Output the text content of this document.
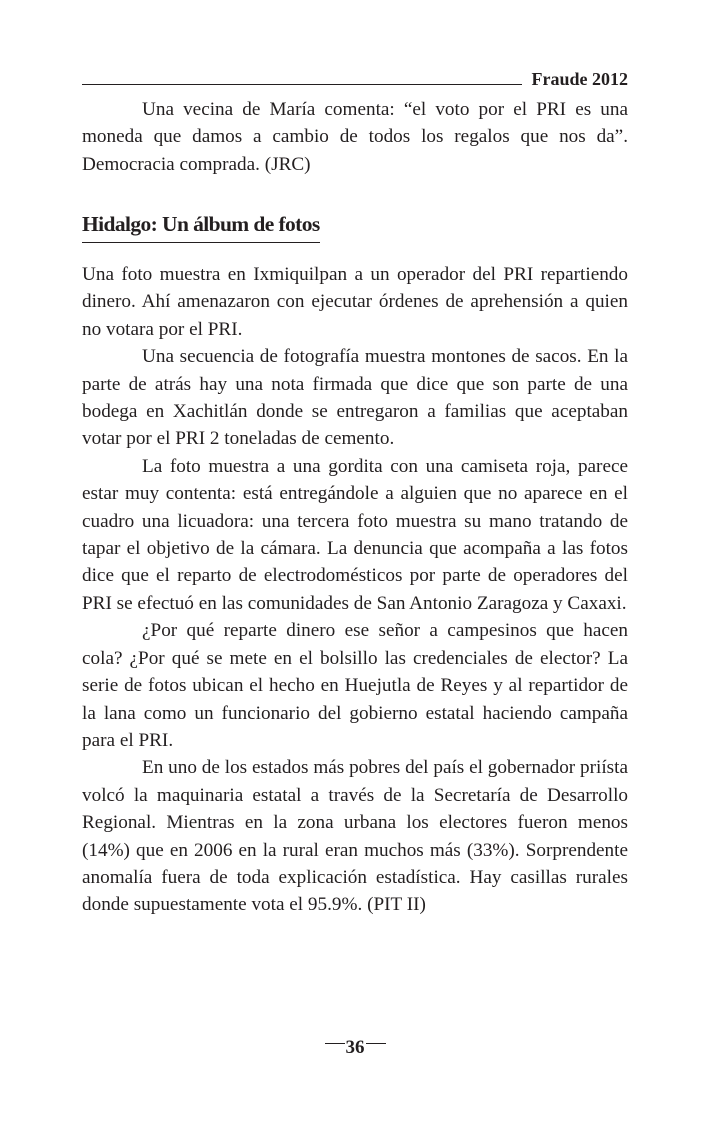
Fraude 2012

Una vecina de María comenta: “el voto por el PRI es una moneda que damos a cambio de todos los regalos que nos da”. Democracia comprada. (JRC)

Hidalgo: Un álbum de fotos

Una foto muestra en Ixmiquilpan a un operador del PRI repartiendo dinero. Ahí amenazaron con ejecutar órdenes de aprehensión a quien no votara por el PRI.

Una secuencia de fotografía muestra montones de sacos. En la parte de atrás hay una nota firmada que dice que son parte de una bodega en Xachitlán donde se entregaron a familias que aceptaban votar por el PRI 2 toneladas de cemento.

La foto muestra a una gordita con una camiseta roja, parece estar muy contenta: está entregándole a alguien que no aparece en el cuadro una licuadora: una tercera foto muestra su mano tratando de tapar el objetivo de la cámara. La denuncia que acompaña a las fotos dice que el reparto de electrodomésticos por parte de operadores del PRI se efectuó en las comunidades de San Antonio Zaragoza y Caxaxi.

¿Por qué reparte dinero ese señor a campesinos que hacen cola? ¿Por qué se mete en el bolsillo las credenciales de elector? La serie de fotos ubican el hecho en Huejutla de Reyes y al repartidor de la lana como un funcionario del gobierno estatal haciendo campaña para el PRI.

En uno de los estados más pobres del país el gobernador priísta volcó la maquinaria estatal a través de la Secretaría de Desarrollo Regional. Mientras en la zona urbana los electores fueron menos (14%) que en 2006 en la rural eran muchos más (33%). Sorprendente anomalía fuera de toda explicación estadística. Hay casillas rurales donde supuestamente vota el 95.9%. (PIT II)

36
